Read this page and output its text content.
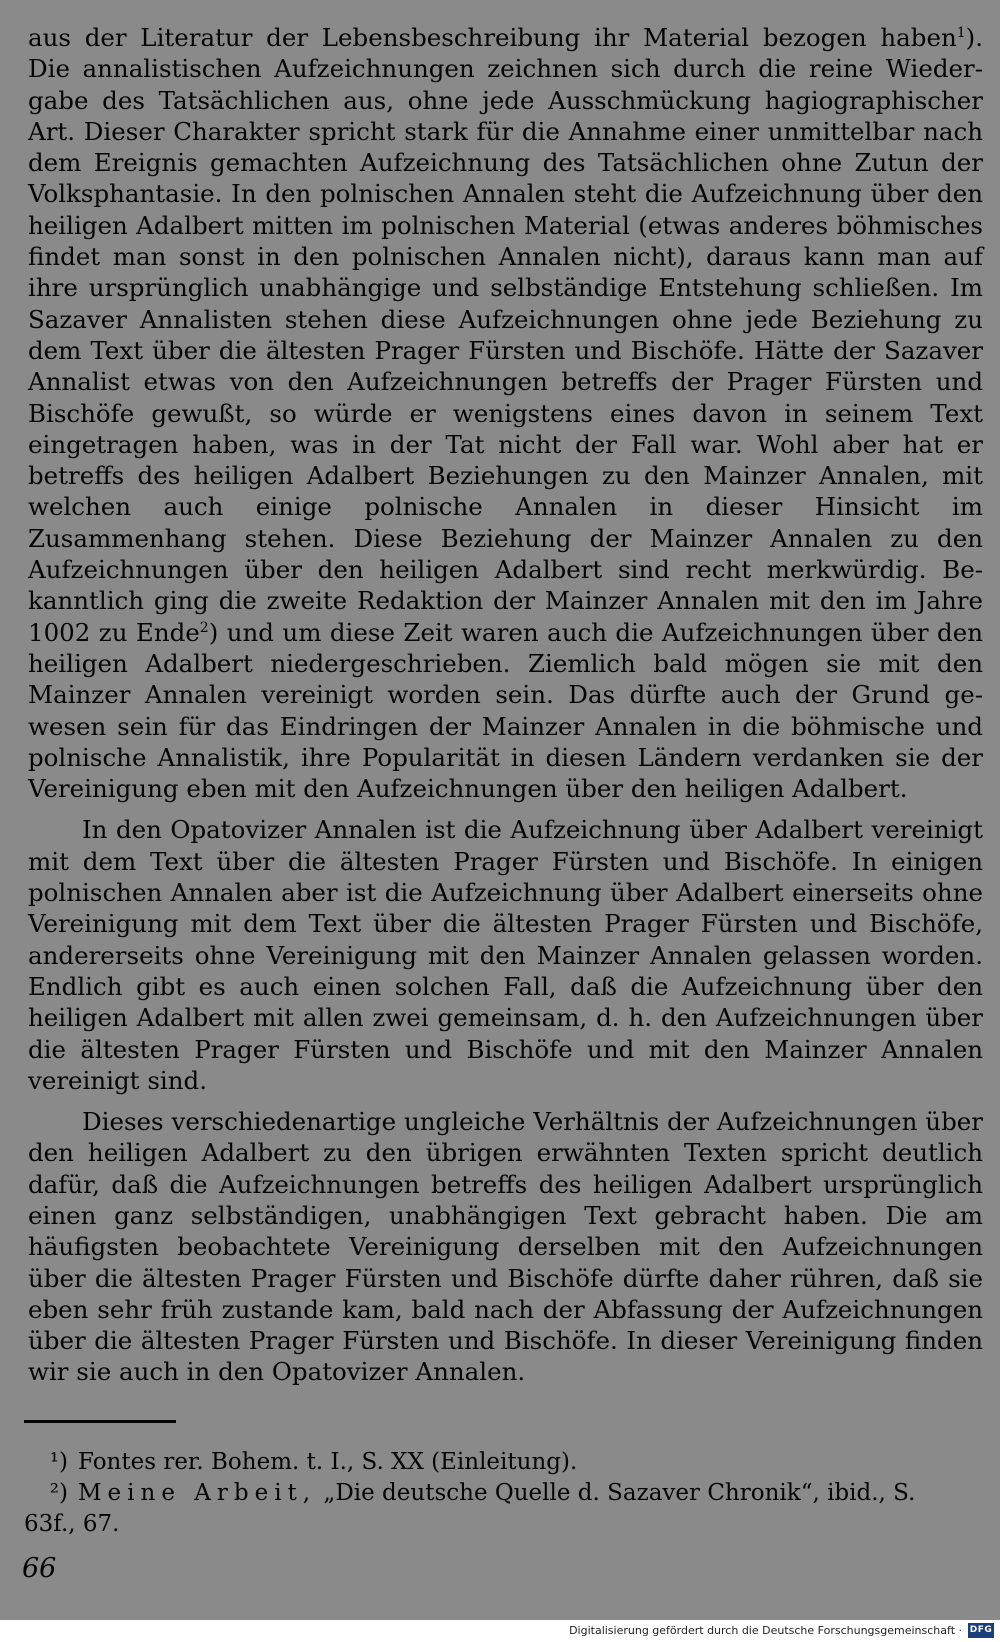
aus der Literatur der Lebensbeschreibung ihr Material bezogen haben$^1$). Die annalistischen Aufzeichnungen zeichnen sich durch die reine Wiedergabe des Tatsächlichen aus, ohne jede Ausschmückung hagiographischer Art. Dieser Charakter spricht stark für die Annahme einer unmittelbar nach dem Ereignis gemachten Aufzeichnung des Tatsächlichen ohne Zutun der Volksphantasie. In den polnischen Annalen steht die Aufzeichnung über den heiligen Adalbert mitten im polnischen Material (etwas anderes böhmisches findet man sonst in den polnischen Annalen nicht), daraus kann man auf ihre ursprünglich unabhängige und selbständige Entstehung schließen. Im Sazaver Annalisten stehen diese Aufzeichnungen ohne jede Beziehung zu dem Text über die ältesten Prager Fürsten und Bischöfe. Hätte der Sazaver Annalist etwas von den Aufzeichnungen betreffs der Prager Fürsten und Bischöfe gewußt, so würde er wenigstens eines davon in seinem Text eingetragen haben, was in der Tat nicht der Fall war. Wohl aber hat er betreffs des heiligen Adalbert Beziehungen zu den Mainzer Annalen, mit welchen auch einige polnische Annalen in dieser Hinsicht im Zusammenhang stehen. Diese Beziehung der Mainzer Annalen zu den Aufzeichnungen über den heiligen Adalbert sind recht merkwürdig. Bekanntlich ging die zweite Redaktion der Mainzer Annalen mit den im Jahre 1002 zu Ende$^2$) und um diese Zeit waren auch die Aufzeichnungen über den heiligen Adalbert niedergeschrieben. Ziemlich bald mögen sie mit den Mainzer Annalen vereinigt worden sein. Das dürfte auch der Grund gewesen sein für das Eindringen der Mainzer Annalen in die böhmische und polnische Annalistik, ihre Popularität in diesen Ländern verdanken sie der Vereinigung eben mit den Aufzeichnungen über den heiligen Adalbert.

In den Opatovizer Annalen ist die Aufzeichnung über Adalbert vereinigt mit dem Text über die ältesten Prager Fürsten und Bischöfe. In einigen polnischen Annalen aber ist die Aufzeichnung über Adalbert einerseits ohne Vereinigung mit dem Text über die ältesten Prager Fürsten und Bischöfe, andererseits ohne Vereinigung mit den Mainzer Annalen gelassen worden. Endlich gibt es auch einen solchen Fall, daß die Aufzeichnung über den heiligen Adalbert mit allen zwei gemeinsam, d. h. den Aufzeichnungen über die ältesten Prager Fürsten und Bischöfe und mit den Mainzer Annalen vereinigt sind.

Dieses verschiedenartige ungleiche Verhältnis der Aufzeichnungen über den heiligen Adalbert zu den übrigen erwähnten Texten spricht deutlich dafür, daß die Aufzeichnungen betreffs des heiligen Adalbert ursprünglich einen ganz selbständigen, unabhängigen Text gebracht haben. Die am häufigsten beobachtete Vereinigung derselben mit den Aufzeichnungen über die ältesten Prager Fürsten und Bischöfe dürfte daher rühren, daß sie eben sehr früh zustande kam, bald nach der Abfassung der Aufzeichnungen über die ältesten Prager Fürsten und Bischöfe. In dieser Vereinigung finden wir sie auch in den Opatovizer Annalen.

¹) Fontes rer. Bohem. t. I., S. XX (Einleitung).

²) Meine Arbeit, „Die deutsche Quelle d. Sazaver Chronik“, ibid., S. 63f., 67.

66
Digitalisierung gefördert durch die Deutsche Forschungsgemeinschaft · DFG
